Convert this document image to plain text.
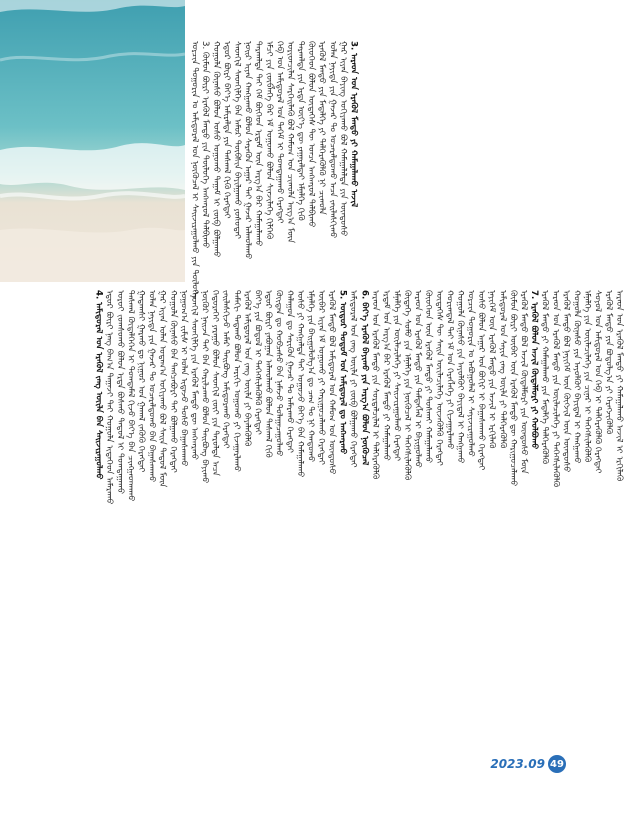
ᠣᠷᠴᠢᠨ ᠲᠣᠭᠣᠷᠢᠨ ᠤ ᠠᠮᠢᠳᠤᠷᠠᠯ ᠤᠨ ᠨᠥᠬᠥᠴᠡᠯ ᠢ ᠰᠠᠢᠵᠢᠷᠠᠭᠤᠯᠬᠤ ᠶᠢᠨ ᠲᠥᠯᠥᠭᠡ 3. ᠬᠦᠮᠦᠨ ᠪᠦᠷᠢ ᠡᠷᠡᠭᠦᠯ ᠮᠡᠨᠳᠦ ᠶᠢᠨ ᠲᠥᠯᠥᠭᠡ ᠠᠩᠬᠠᠷᠤᠯ ᠲᠠᠯᠪᠢᠬᠤ ᠬᠣᠭᠣᠯᠠ ᠬᠦᠨᠡᠰᠦ ᠪᠣᠯᠣᠨ ᠤᠰᠤ ᠤᠭᠤᠬᠤ ᠳᠠᠭᠠᠮ ᠢ ᠵᠥᠪ ᠪᠣᠯᠭᠠᠬᠤ ᠡᠳᠦᠷ ᠪᠦᠷᠢ ᠪᠡᠶ᠎ᠡ ᠠᠮᠢᠷᠠᠯᠲᠠ ᠶᠢᠨ ᠳᠠᠰᠭᠠᠯ ᠬᠢᠬᠦ ᠬᠡᠷᠡᠭᠲᠡᠢ ᠰᠡᠳᠬᠢᠯ ᠰᠡᠳᠬᠢᠯᠭᠡ ᠪᠡᠨ ᠠᠮᠤᠷ ᠲᠦᠪᠰᠢᠨ ᠪᠠᠶᠢᠯᠭᠠᠬᠤ ᠶᠣᠰᠣᠲᠠᠢ ᠨᠣᠢᠷ ᠢᠶᠠᠨ ᠬᠠᠩᠭᠠᠬᠤ ᠪᠣᠯᠣᠨ ᠰᠡᠷᠡᠭᠦᠨ ᠠᠭᠠᠷ ᠲᠠᠢ ᠭᠠᠵᠠᠷ ᠠᠯᠬᠤᠯᠠᠬᠤ ᠲᠠᠷᠬᠠᠯᠲᠠ ᠲᠠᠢ ᠬᠡᠮ ᠪᠥᠭᠡᠳ ᠡᠷᠳᠡᠮ ᠦᠨ ᠠᠷᠭ᠎ᠠ ᠪᠠᠷ ᠬᠠᠮᠠᠭᠠᠯᠠᠬᠤ ᠡᠮᠴᠢ ᠶᠢᠨ ᠵᠥᠪᠯᠡᠭᠡ ᠪᠠᠷ ᠡᠮ ᠤᠭᠤᠬᠤ ᠪᠣᠯᠣᠨ ᠰᠢᠨᠵᠢᠯᠡᠭᠡ ᠬᠢᠯᠭᠡᠬᠦ ᠬᠡᠪ ᠤᠨ ᠠᠮᠢᠳᠤᠷᠠᠯ ᠤᠨ ᠳᠡᠭᠡᠮ ᠢ ᠲᠣᠭᠲᠠᠭᠠᠬᠤ ᠬᠡᠷᠡᠭᠲᠡᠢ ᠤᠷᠢᠳᠴᠢᠯᠠᠨ ᠰᠡᠷᠭᠡᠢᠯᠡᠬᠦ ᠪᠣᠯ ᠬᠠᠮᠤᠭ ᠤᠨ ᠴᠢᠬᠤᠯᠠ ᠠᠷᠭ᠎ᠠ ᠮᠥᠨ ᠲᠠᠷᠬᠠᠯᠲᠠ ᠶᠢᠨ ᠡᠷᠲᠡ ᠦᠶ᠎ᠡ ᠳᠦ ᠶᠠᠭᠠᠷᠠᠯᠲᠠᠢ ᠡᠮᠨᠡᠯᠭᠡ ᠬᠢᠬᠦ ᠬᠦᠦᠬᠡᠳ ᠪᠣᠯᠣᠨ ᠥᠲᠡᠭᠡᠰ ᠲᠦ ᠣᠨᠴᠠ ᠠᠩᠬᠠᠷᠤᠯ ᠲᠠᠯᠪᠢᠬᠤ ᠡᠷᠡᠭᠦᠯ ᠮᠡᠨᠳᠦ ᠶᠢᠨ ᠮᠡᠳᠡᠯᠭᠡ ᠶᠢ ᠳᠡᠯᠭᠡᠷᠡᠭᠦᠯᠬᠦ ᠨᠢ ᠴᠢᠬᠤᠯᠠ ᠣᠯᠠᠨ ᠨᠡᠶᠢᠲᠡ ᠶᠢᠨ ᠭᠠᠵᠠᠷ ᠲᠤ ᠤᠴᠠᠷᠠᠯᠳᠤᠬᠤ ᠠᠴᠠ ᠵᠠᠢᠯᠠᠰᠬᠢᠬᠤ ᠭᠠᠷ ᠢᠶᠠᠨ ᠪᠠᠶᠢᠩ ᠤᠭᠢᠶᠠᠬᠤ ᠪᠣᠯ ᠬᠠᠮᠠᠭᠠᠯᠠᠯᠲᠠ ᠶᠢᠨ ᠦᠨᠳᠦᠰᠦ 3. ᠠᠷᠠᠳ ᠤᠨ ᠡᠷᠡᠭᠦᠯ ᠮᠡᠨᠳᠦ ᠶᠢ ᠬᠠᠮᠠᠭᠠᠯᠠᠬᠤ ᠠᠵᠢᠯ
4. ᠠᠮᠢᠳᠤᠷᠠᠯ ᠤᠨ ᠡᠷᠡᠭᠦᠯ ᠵᠠᠩ ᠦᠢᠯᠡ ᠪᠡᠨ ᠰᠠᠢᠵᠢᠷᠠᠭᠤᠯᠬᠤ ᠡᠳᠦᠷ ᠪᠦᠷᠢ ᠨᠡᠩ ᠪᠠᠭ᠎ᠠ ᠳᠠᠭᠠᠵᠢ ᠲᠠᠢ ᠬᠣᠭᠣᠯᠠ ᠢᠳᠡᠭᠡᠳ ᠠᠮᠠᠷᠠᠬᠤ ᠣᠷᠣᠢ ᠵᠣᠭᠰᠣᠬᠤ ᠪᠣᠯᠣᠨ ᠡᠷᠲᠡ ᠪᠣᠰᠬᠤ ᠳᠠᠳᠤᠯ ᠢ ᠲᠣᠭᠲᠠᠭᠠᠬᠤ ᠳᠠᠰᠭᠠᠯ ᠬᠥᠳᠡᠯᠭᠡᠭᠡᠨ ᠢ ᠲᠣᠭᠲᠠᠮᠠᠯ ᠬᠢᠵᠦ ᠪᠡᠶ᠎ᠡ ᠪᠡᠨ ᠴᠢᠩᠭᠠᠳᠬᠠᠬᠤ ᠭᠠᠳᠠᠭᠰᠢ ᠭᠠᠷᠬᠤ ᠳᠤ ᠨᠢᠭᠤᠷ ᠤᠨ ᠭᠠᠬᠠᠯ ᠵᠡᠬᠦᠬᠦ ᠬᠡᠷᠡᠭᠲᠡᠢ ᠣᠯᠠᠨ ᠨᠡᠶᠢᠲᠡ ᠶᠢᠨ ᠭᠠᠵᠠᠷ ᠲᠤ ᠤᠴᠠᠷᠠᠯᠳᠤᠬᠤ ᠪᠠᠨ ᠪᠠᠭᠠᠰᠬᠠᠬᠤ ᠭᠠᠷ ᠢᠶᠠᠨ ᠣᠯᠠᠨ ᠤᠳᠠᠭ᠎ᠠ ᠤᠭᠢᠶᠠᠬᠤ ᠪᠣᠯ ᠰᠠᠢᠨ ᠳᠠᠳᠤᠯ ᠮᠥᠨ ᠬᠣᠭᠣᠯᠠ ᠬᠦᠨᠡᠰᠦ ᠪᠡᠨ ᠲᠡᠩᠴᠡᠪᠦᠷᠢ ᠲᠠᠢ ᠪᠣᠯᠭᠠᠬᠤ ᠬᠡᠷᠡᠭᠲᠡᠢ ᠨᠣᠭᠤᠭ᠎ᠠ ᠵᠢᠮᠢᠰ ᠢ ᠣᠯᠠᠨ ᠢᠳᠡᠵᠦ ᠲᠣᠰᠣ ᠪᠠᠭᠠᠰᠬᠠᠬᠤ ᠰᠡᠳᠬᠢᠯ ᠰᠡᠳᠬᠢᠯᠭᠡ ᠶᠢᠨ ᠡᠷᠡᠭᠦᠯ ᠮᠡᠨᠳᠦ ᠳᠦ ᠠᠩᠬᠠᠷᠬᠤ ᠨᠥᠬᠥᠷ ᠨᠠᠢᠵᠠ ᠲᠠᠢ ᠪᠠᠨ ᠬᠠᠷᠢᠯᠴᠠᠬᠤ ᠪᠣᠯᠣᠨ ᠲᠠᠢᠪᠤᠩ ᠪᠠᠶᠢᠬᠤ ᠬᠡᠲᠦᠷᠡᠬᠡᠢ ᠶᠠᠷᠠᠭᠤ ᠪᠣᠯᠣᠨ ᠰᠡᠳᠬᠢᠯ ᠵᠦᠢ ᠶᠢᠨ ᠳᠠᠷᠤᠯᠲᠠ ᠠᠴᠠ ᠵᠠᠢᠯᠠᠰᠬᠢᠵᠤ ᠠᠮᠠᠷ ᠲᠠᠢᠪᠤᠩ ᠠᠮᠢᠳᠤᠷᠠᠬᠤ ᠬᠡᠷᠡᠭᠲᠡᠢ ᠲᠠᠮᠠᠬᠢ ᠲᠠᠲᠠᠬᠤ ᠪᠣᠯᠣᠨ ᠠᠷᠢᠬᠢ ᠤᠭᠤᠬᠤ ᠶᠢ ᠬᠢᠵᠠᠭᠠᠷᠯᠠᠬᠤ ᠡᠷᠡᠭᠦᠯ ᠠᠮᠢᠳᠤᠷᠠᠯ ᠤᠨ ᠵᠠᠩ ᠦᠢᠯᠡ ᠶᠢ ᠪᠡᠶᠡᠯᠡᠭᠦᠯᠬᠦ ᠪᠡᠶ᠎ᠡ ᠶᠢᠨ ᠪᠣᠳᠣᠯ ᠢ ᠳᠡᠭᠡᠭᠰᠢᠯᠡᠭᠦᠯᠬᠦ ᠬᠡᠷᠡᠭᠲᠡᠢ ᠡᠳᠦᠷ ᠪᠦᠷᠢ ᠶᠠᠪᠤᠭᠠᠨ ᠠᠯᠬᠤᠯᠠᠬᠤ ᠪᠣᠯᠣᠨ ᠳᠠᠰᠭᠠᠯ ᠬᠢᠬᠦ ᠬᠦᠢᠲᠡᠨ ᠳᠤ ᠬᠤᠪᠴᠠᠰᠤ ᠪᠡᠨ ᠨᠡᠮᠡᠵᠦ ᠳᠤᠯᠠᠭᠠᠴᠠᠭᠤᠯᠬᠤ ᠬᠠᠯᠠᠭᠤᠨ ᠳᠤ ᠰᠡᠷᠢᠭᠦᠨ ᠭᠠᠵᠠᠷ ᠲᠤ ᠠᠮᠠᠷᠠᠬᠤ ᠬᠡᠷᠡᠭᠲᠡᠢ ᠤᠰᠤ ᠶᠢ ᠬᠠᠩᠭᠠᠯᠲᠠ ᠲᠠᠢ ᠤᠭᠤᠵᠤ ᠪᠡᠶ᠎ᠡ ᠪᠡᠨ ᠬᠠᠮᠠᠭᠠᠯᠠᠬᠤ ᠡᠮᠨᠡᠯᠭᠡ ᠶᠢᠨ ᠪᠠᠢᠭᠤᠯᠤᠯᠭ᠎ᠠ ᠳᠤ ᠴᠠᠭ ᠲᠤ ᠨᠢ ᠬᠠᠨᠳᠤᠬᠤ ᠥᠪᠡᠷ ᠢᠶᠡᠨ ᠡᠮ ᠤᠭᠤᠬᠤ ᠶᠢ ᠬᠠᠷᠢᠭᠤᠴᠠᠯᠠᠬᠤ ᠬᠡᠷᠡᠭᠲᠡᠢ ᠡᠷᠡᠭᠦᠯ ᠮᠡᠨᠳᠦ ᠪᠣᠯ ᠠᠮᠢᠳᠤᠷᠠᠯ ᠤᠨ ᠬᠠᠮᠤᠭ ᠤᠨ ᠦᠨᠳᠦᠰᠦ 5. ᠥᠳᠥᠷ ᠲᠤᠲᠤᠮ ᠤᠨ ᠠᠮᠢᠳᠤᠷᠠᠯ ᠳᠤ ᠠᠩᠬᠠᠷᠬᠤ ᠠᠮᠢᠳᠤᠷᠠᠯ ᠤᠨ ᠵᠠᠩ ᠦᠢᠯᠡ ᠶᠢ ᠵᠥᠪ ᠪᠣᠯᠭᠠᠬᠤ ᠬᠡᠷᠡᠭᠲᠡᠢ 6. ᠪᠡᠶ᠎ᠡ ᠡᠷᠡᠭᠦᠯ ᠪᠠᠶᠢᠬᠤ ᠶᠢᠨ ᠠᠷᠭ᠎ᠠ ᠪᠣᠯᠣᠨ ᠨᠥᠬᠥᠴᠡᠯ ᠠᠷᠠᠳ ᠤᠨ ᠡᠷᠡᠭᠦᠯ ᠮᠡᠨᠳᠦ ᠶᠢᠨ ᠰᠤᠷᠲᠠᠯᠴᠢᠯᠠᠯ ᠢ ᠳᠡᠯᠭᠡᠷᠡᠭᠦᠯᠬᠦ ᠡᠷᠳᠡᠮ ᠤᠨ ᠠᠷᠭ᠎ᠠ ᠪᠠᠷ ᠡᠷᠡᠭᠦᠯ ᠮᠡᠨᠳᠦ ᠶᠢ ᠬᠠᠮᠠᠭᠠᠯᠠᠬᠤ ᠡᠮᠨᠡᠯᠭᠡ ᠶᠢᠨ ᠦᠢᠯᠡᠴᠢᠯᠡᠭᠡ ᠶᠢ ᠰᠠᠢᠵᠢᠷᠠᠭᠤᠯᠬᠤ ᠬᠡᠷᠡᠭᠲᠡᠢ ᠬᠥᠳᠡᠭᠡ ᠰᠤᠮᠤ ᠶᠢᠨ ᠡᠮᠨᠡᠯᠭᠡ ᠶᠢᠨ ᠨᠥᠬᠥᠴᠡᠯ ᠢ ᠳᠡᠭᠡᠭᠰᠢᠯᠡᠭᠦᠯᠬᠦ ᠠᠷᠠᠳ ᠤᠨ ᠡᠷᠡᠭᠦᠯ ᠮᠡᠨᠳᠦ ᠶᠢᠨ ᠲᠡᠮᠳᠡᠭᠯᠡᠯ ᠢ ᠪᠠᠶᠢᠭᠤᠯᠬᠤ ᠬᠦᠦᠬᠡᠳ ᠦᠨ ᠡᠷᠡᠭᠦᠯ ᠮᠡᠨᠳᠦ ᠶᠢ ᠲᠤᠰᠬᠠᠢ ᠬᠠᠮᠠᠭᠠᠯᠠᠬᠤ ᠥᠲᠡᠭᠡᠰ ᠲᠦ ᠰᠠᠢᠨ ᠦᠢᠯᠡᠴᠢᠯᠡᠭᠡ ᠦᠵᠡᠭᠦᠯᠬᠦ ᠬᠡᠷᠡᠭᠲᠡᠢ ᠬᠣᠷᠢᠭᠳᠠᠯ ᠲᠠᠢ ᠡᠮ ᠤᠨ ᠬᠡᠷᠡᠭᠯᠡᠭᠡ ᠶᠢ ᠬᠢᠵᠠᠭᠠᠷᠯᠠᠬᠤ ᠬᠣᠭᠣᠯᠠ ᠬᠦᠨᠡᠰᠦ ᠶᠢᠨ ᠠᠶᠤᠯᠭᠦᠢ ᠪᠠᠶᠢᠳᠠᠯ ᠢ ᠬᠠᠩᠭᠠᠬᠤ ᠣᠷᠴᠢᠨ ᠲᠣᠭᠣᠷᠢᠨ ᠤ ᠠᠪᠤᠭᠤᠯᠠᠯ ᠢ ᠰᠠᠶᠢᠵᠢᠷᠠᠭᠤᠯᠬᠤ ᠤᠰᠤ ᠪᠣᠯᠣᠨ ᠠᠭᠠᠷ ᠤᠨ ᠪᠣᠬᠢᠷ ᠢ ᠪᠠᠭᠠᠰᠬᠠᠬᠤ ᠬᠡᠷᠡᠭᠲᠡᠢ ᠨᠡᠶᠢᠭᠡᠮ ᠦᠨ ᠡᠷᠡᠭᠦᠯ ᠮᠡᠨᠳᠦ ᠶᠢᠨ ᠠᠵᠢᠯ ᠢ ᠡᠷᠬᠢᠯᠡᠬᠦ ᠠᠮᠢᠳᠤᠷᠠᠯ ᠤᠨ ᠰᠠᠶᠢᠨ ᠵᠠᠩ ᠦᠢᠯᠡ ᠶᠢ ᠳᠡᠯᠭᠡᠷᠡᠭᠦᠯᠬᠦ ᠬᠦᠮᠦᠨ ᠪᠦᠷᠢ ᠥᠪᠡᠷ ᠦᠨ ᠡᠷᠡᠭᠦᠯ ᠮᠡᠨᠳᠦ ᠳᠦ ᠬᠠᠷᠢᠭᠤᠴᠠᠯᠠᠬᠤ ᠡᠷᠡᠭᠦᠯ ᠮᠡᠨᠳᠦ ᠪᠣᠯ ᠠᠵᠢᠯ ᠬᠥᠳᠡᠯᠮᠦᠷᠢ ᠶᠢᠨ ᠦᠨᠳᠦᠰᠦ ᠮᠥᠨ 7. ᠡᠷᠡᠭᠦᠯ ᠪᠣᠯᠣᠨ ᠠᠵᠢᠯ ᠬᠥᠳᠡᠯᠮᠦᠷᠢ ᠶᠢ ᠬᠣᠯᠪᠣᠬᠤ ᠡᠷᠡᠭᠦᠯ ᠮᠡᠨᠳᠦ ᠶᠢ ᠬᠠᠮᠠᠭᠠᠯᠠᠬᠤ ᠶᠢᠨ ᠮᠡᠳᠡᠯᠭᠡ ᠳᠡᠯᠭᠡᠷᠡᠭᠦᠯᠬᠦ ᠠᠷᠠᠳ ᠤᠨ ᠡᠷᠡᠭᠦᠯ ᠮᠡᠨᠳᠦ ᠶᠢᠨ ᠦᠢᠯᠡᠴᠢᠯᠡᠭᠡ ᠶᠢ ᠳᠡᠭᠡᠭᠰᠢᠯᠡᠭᠦᠯᠬᠦ ᠡᠷᠡᠭᠦᠯ ᠮᠡᠨᠳᠦ ᠪᠣᠯ ᠨᠡᠶᠢᠭᠡᠮ ᠦᠨ ᠬᠥᠭᠵᠢᠯ ᠦᠨ ᠦᠨᠳᠦᠰᠦ ᠬᠣᠭᠣᠯᠠ ᠬᠦᠨᠡᠰᠦ ᠶᠢᠨ ᠠᠶᠤᠯᠭᠦᠢ ᠪᠠᠶᠢᠳᠠᠯ ᠢ ᠬᠠᠩᠭᠠᠬᠤ ᠡᠮᠨᠡᠯᠭᠡ ᠶᠢᠨ ᠦᠢᠯᠡᠴᠢᠯᠡᠭᠡ ᠶᠢᠨ ᠴᠢᠨᠠᠷ ᠢ ᠳᠡᠭᠡᠭᠰᠢᠯᠡᠭᠦᠯᠬᠦ ᠰᠣᠶᠣᠯ ᠤᠨ ᠠᠮᠢᠳᠤᠷᠠᠯ ᠤᠨ ᠬᠡᠪ ᠢ ᠳᠡᠯᠭᠡᠷᠡᠭᠦᠯᠬᠦ ᠬᠡᠷᠡᠭᠲᠡᠢ ᠡᠷᠡᠭᠦᠯ ᠮᠡᠨᠳᠦ ᠶᠢᠨ ᠪᠣᠳᠣᠯᠭ᠎ᠠ ᠶᠢ ᠬᠡᠷᠡᠭᠵᠢᠭᠦᠯᠬᠦ ᠠᠷᠠᠳ ᠤᠨ ᠡᠷᠡᠭᠦᠯ ᠮᠡᠨᠳᠦ ᠶᠢ ᠬᠠᠮᠠᠭᠠᠯᠠᠬᠤ ᠠᠵᠢᠯ ᠢ ᠡᠷᠬᠢᠯᠡᠬᠦ
2023.09 49
